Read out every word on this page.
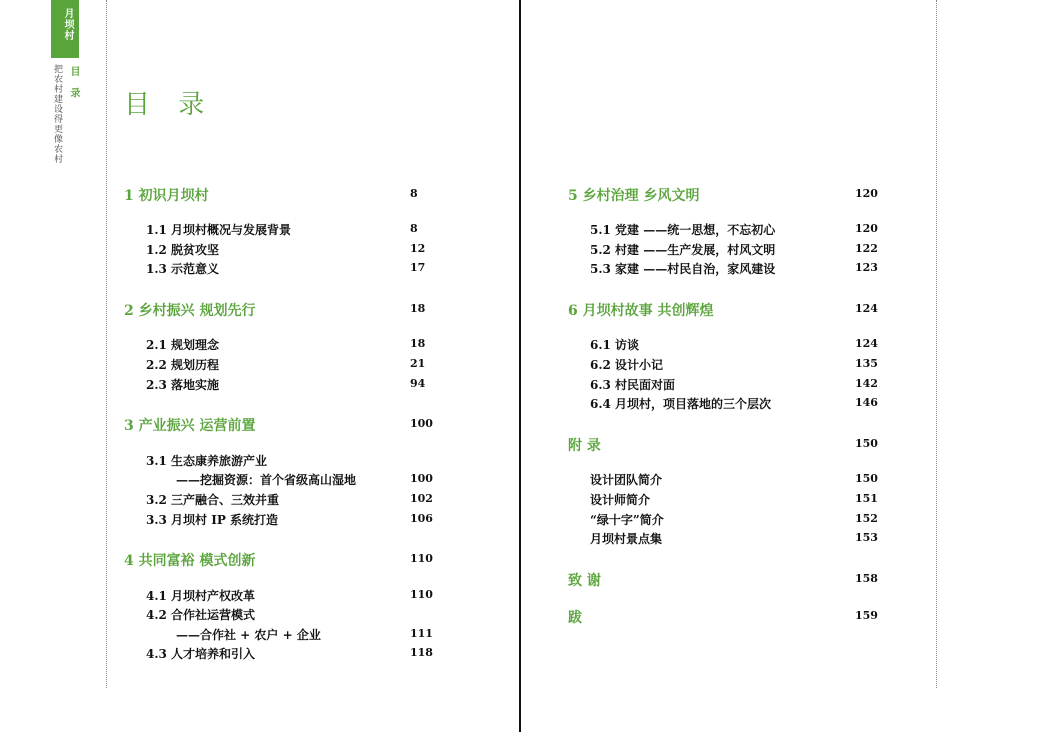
月坝村
目 录
把农村建设得更像农村 目 录
1 初识月坝村	8
1.1 月坝村概况与发展背景	8
1.2 脱贫攻坚	12
1.3 示范意义	17
2 乡村振兴 规划先行	18
2.1 规划理念	18
2.2 规划历程	21
2.3 落地实施	94
3 产业振兴 运营前置	100
3.1 生态康养旅游产业
——挖掘资源：首个省级高山湿地	100
3.2 三产融合、三效并重	102
3.3 月坝村 IP 系统打造	106
4 共同富裕 模式创新	110
4.1 月坝村产权改革	110
4.2 合作社运营模式
——合作社 + 农户 + 企业	111
4.3 人才培养和引入	118
5 乡村治理 乡风文明	120
5.1 党建 ——统一思想，不忘初心	120
5.2 村建 ——生产发展，村风文明	122
5.3 家建 ——村民自治，家风建设	123
6 月坝村故事 共创辉煌	124
6.1 访谈	124
6.2 设计小记	135
6.3 村民面对面	142
6.4 月坝村，项目落地的三个层次	146
附 录	150
设计团队简介	150
设计师简介	151
“绿十字”简介	152
月坝村景点集	153
致 谢	158
跋	159
